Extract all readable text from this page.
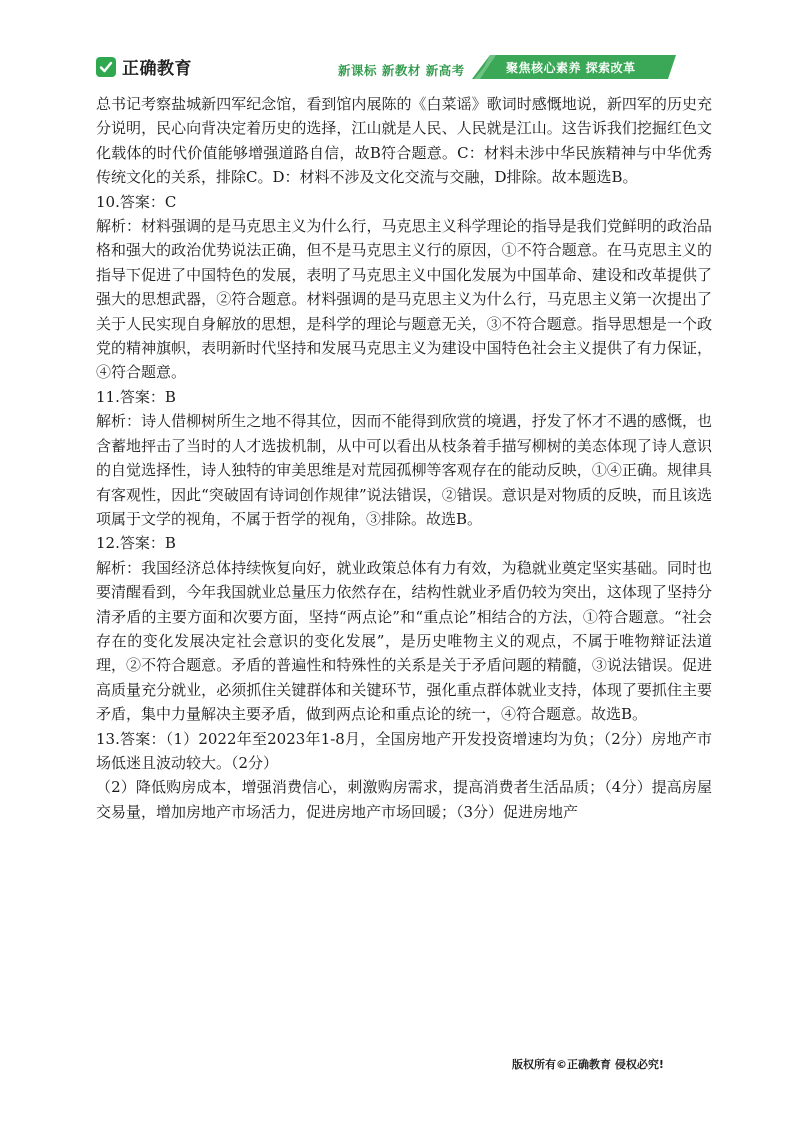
正确教育	新课标 新教材 新高考	聚焦核心素养 探索改革

总书记考察盐城新四军纪念馆，看到馆内展陈的《白菜谣》歌词时感慨地说，新四军的历史充分说明，民心向背决定着历史的选择，江山就是人民、人民就是江山。这告诉我们挖掘红色文化载体的时代价值能够增强道路自信，故B符合题意。C：材料未涉中华民族精神与中华优秀传统文化的关系，排除C。D：材料不涉及文化交流与交融，D排除。故本题选B。

10.答案：C

解析：材料强调的是马克思主义为什么行，马克思主义科学理论的指导是我们党鲜明的政治品格和强大的政治优势说法正确，但不是马克思主义行的原因，①不符合题意。在马克思主义的指导下促进了中国特色的发展，表明了马克思主义中国化发展为中国革命、建设和改革提供了强大的思想武器，②符合题意。材料强调的是马克思主义为什么行，马克思主义第一次提出了关于人民实现自身解放的思想，是科学的理论与题意无关，③不符合题意。指导思想是一个政党的精神旗帜，表明新时代坚持和发展马克思主义为建设中国特色社会主义提供了有力保证，④符合题意。

11.答案：B

解析：诗人借柳树所生之地不得其位，因而不能得到欣赏的境遇，抒发了怀才不遇的感慨，也含蓄地抨击了当时的人才选拔机制，从中可以看出从枝条着手描写柳树的美态体现了诗人意识的自觉选择性，诗人独特的审美思维是对荒园孤柳等客观存在的能动反映，①④正确。规律具有客观性，因此“突破固有诗词创作规律”说法错误，②错误。意识是对物质的反映，而且该选项属于文学的视角，不属于哲学的视角，③排除。故选B。

12.答案：B

解析：我国经济总体持续恢复向好，就业政策总体有力有效，为稳就业奠定坚实基础。同时也要清醒看到，今年我国就业总量压力依然存在，结构性就业矛盾仍较为突出，这体现了坚持分清矛盾的主要方面和次要方面，坚持“两点论”和“重点论”相结合的方法，①符合题意。“社会存在的变化发展决定社会意识的变化发展”，是历史唯物主义的观点，不属于唯物辩证法道理，②不符合题意。矛盾的普遍性和特殊性的关系是关于矛盾问题的精髓，③说法错误。促进高质量充分就业，必须抓住关键群体和关键环节，强化重点群体就业支持，体现了要抓住主要矛盾，集中力量解决主要矛盾，做到两点论和重点论的统一，④符合题意。故选B。

13.答案：（1）2022年至2023年1-8月，全国房地产开发投资增速均为负；（2分）房地产市场低迷且波动较大。（2分）

（2）降低购房成本，增强消费信心，刺激购房需求，提高消费者生活品质；（4分）提高房屋交易量，增加房地产市场活力，促进房地产市场回暖；（3分）促进房地产

版权所有©正确教育 侵权必究!
